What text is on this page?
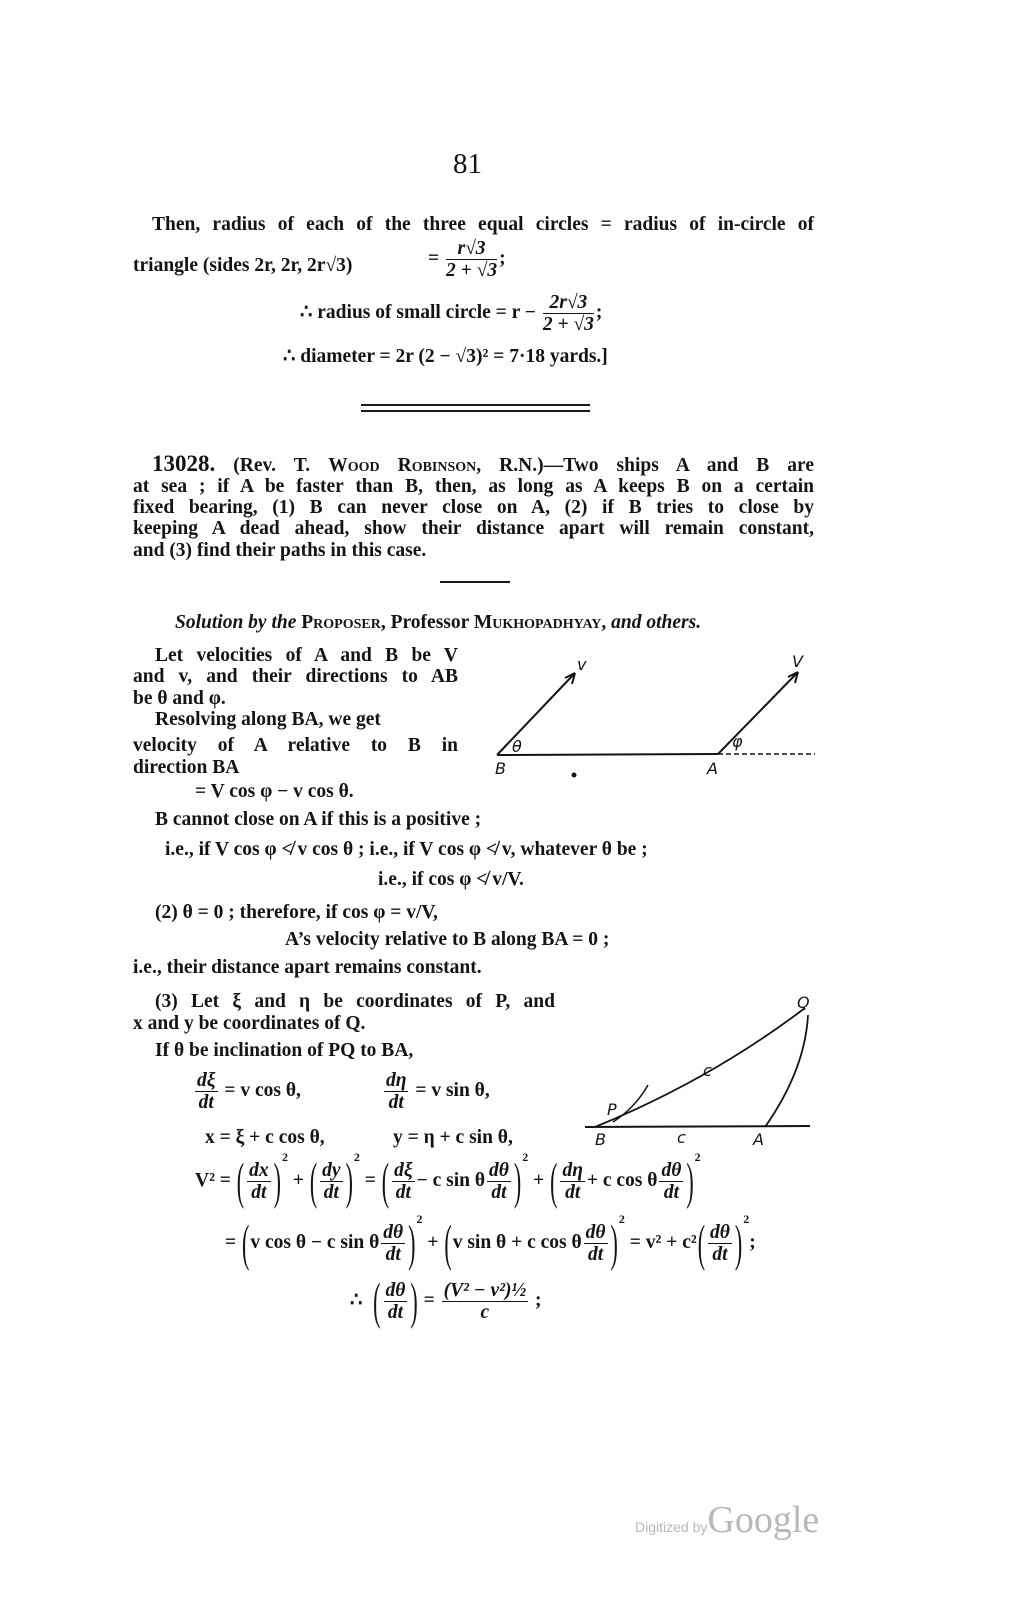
81
Then, radius of each of the three equal circles = radius of in-circle of
triangle (sides 2r, 2r, 2r√3)	= $\frac{r√3}{2 + √3}$ ;
∴ radius of small circle = $r - \frac{2r√3}{2 + √3}$ ;
∴ diameter = 2r (2 − √3)² = 7·18 yards.]
13028. (Rev. T. Wood Robinson, R.N.)—Two ships A and B are
at sea ; if A be faster than B, then, as long as A keeps B on a certain
fixed bearing, (1) B can never close on A, (2) if B tries to close by
keeping A dead ahead, show their distance apart will remain constant,
and (3) find their paths in this case.
Solution by the Proposer, Professor Mukhopadhyay, and others.
Let velocities of A and B be V
and v, and their directions to AB
be θ and φ.
Resolving along BA, we get
velocity of A relative to B in
direction BA
= V cos φ − v cos θ.
B cannot close on A if this is a positive ;
i.e., if V cos φ ≮ v cos θ ; i.e., if V cos φ ≮ v, whatever θ be ;
i.e., if cos φ ≮ v/V.
(2) θ = 0 ; therefore, if cos φ = v/V,
A’s velocity relative to B along BA = 0 ;
i.e., their distance apart remains constant.
(3) Let ξ and η be coordinates of P, and
x and y be coordinates of Q.
If θ be inclination of PQ to BA,
$\frac{d\xi}{dt} = v$ cos θ,	$\frac{d\eta}{dt} = v$ sin θ,
x = ξ + c cos θ,	y = η + c sin θ,
V² = ( $\frac{dx}{dt} )^2$ + ( $\frac{dy}{dt} )^2$ = ( $\frac{d\xi}{dt} - c$ sin θ $\frac{d\theta}{dt} )^2$ + ( $\frac{d\eta}{dt} + c$ cos θ $\frac{d\theta}{dt} )^2$
= (v cos θ − c sin θ $\frac{d\theta}{dt} )^2 + (v$ sin θ + c cos θ $\frac{d\theta}{dt} )^2 = v^2 + c^2( \frac{d\theta}{dt} )^2$;
∴ ( $\frac{d\theta}{dt}$ ) = $\frac{\text{(V² − v²)½}}{c}$ ;
v	V
θ	φ
B	A
Q
P
c
c
B	A
Digitized byGoogle
